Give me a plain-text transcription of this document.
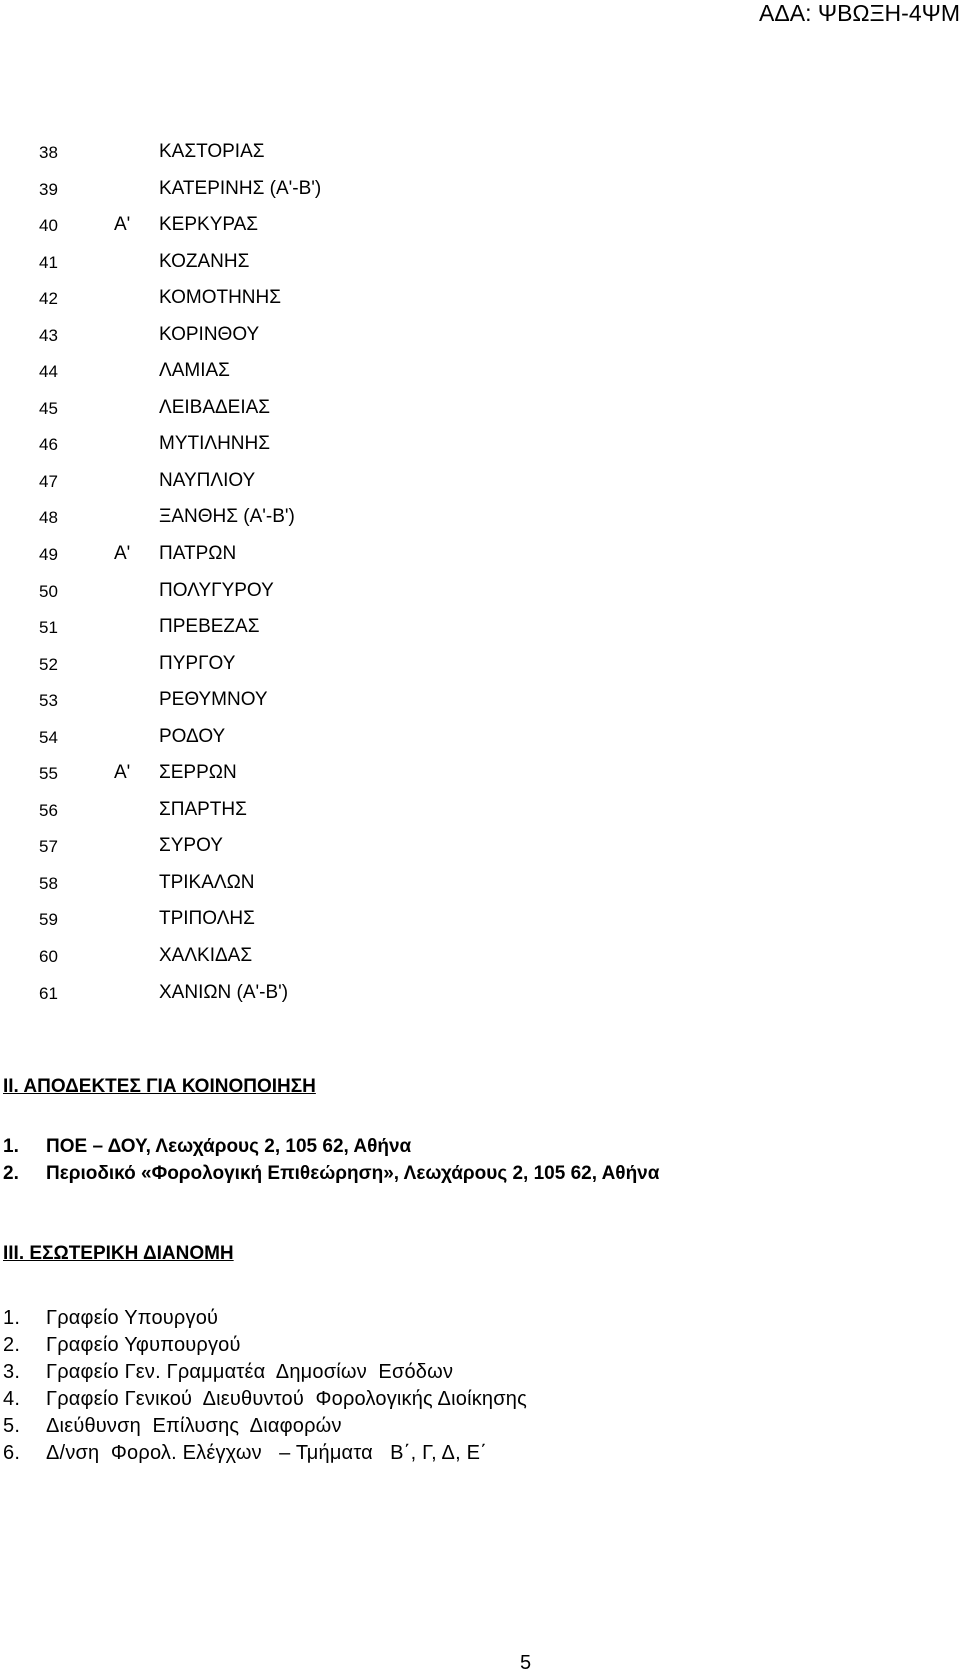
ΑΔΑ: ΨΒΩΞΗ-4ΨΜ
38	ΚΑΣΤΟΡΙΑΣ
39	ΚΑΤΕΡΙΝΗΣ (Α'-Β')
40	Α'	ΚΕΡΚΥΡΑΣ
41	ΚΟΖΑΝΗΣ
42	ΚΟΜΟΤΗΝΗΣ
43	ΚΟΡΙΝΘΟΥ
44	ΛΑΜΙΑΣ
45	ΛΕΙΒΑΔΕΙΑΣ
46	ΜΥΤΙΛΗΝΗΣ
47	ΝΑΥΠΛΙΟΥ
48	ΞΑΝΘΗΣ (Α'-Β')
49	Α'	ΠΑΤΡΩΝ
50	ΠΟΛΥΓΥΡΟΥ
51	ΠΡΕΒΕΖΑΣ
52	ΠΥΡΓΟΥ
53	ΡΕΘΥΜΝΟΥ
54	ΡΟΔΟΥ
55	Α'	ΣΕΡΡΩΝ
56	ΣΠΑΡΤΗΣ
57	ΣΥΡΟΥ
58	ΤΡΙΚΑΛΩΝ
59	ΤΡΙΠΟΛΗΣ
60	ΧΑΛΚΙΔΑΣ
61	ΧΑΝΙΩΝ (Α'-Β')
ΙΙ. ΑΠΟΔΕΚΤΕΣ ΓΙΑ ΚΟΙΝΟΠΟΙΗΣΗ
1. ΠΟΕ – ΔΟΥ, Λεωχάρους 2, 105 62, Αθήνα
2. Περιοδικό «Φορολογική Επιθεώρηση», Λεωχάρους 2, 105 62, Αθήνα
ΙΙΙ. ΕΣΩΤΕΡΙΚΗ ΔΙΑΝΟΜΗ
1. Γραφείο Υπουργού
2. Γραφείο Υφυπουργού
3. Γραφείο Γεν. Γραμματέα  Δημοσίων  Εσόδων
4. Γραφείο Γενικού  Διευθυντού  Φορολογικής Διοίκησης
5. Διεύθυνση  Επίλυσης  Διαφορών
6. Δ/νση  Φορολ. Ελέγχων   – Τμήματα   Β΄, Γ, Δ, Ε΄
5
